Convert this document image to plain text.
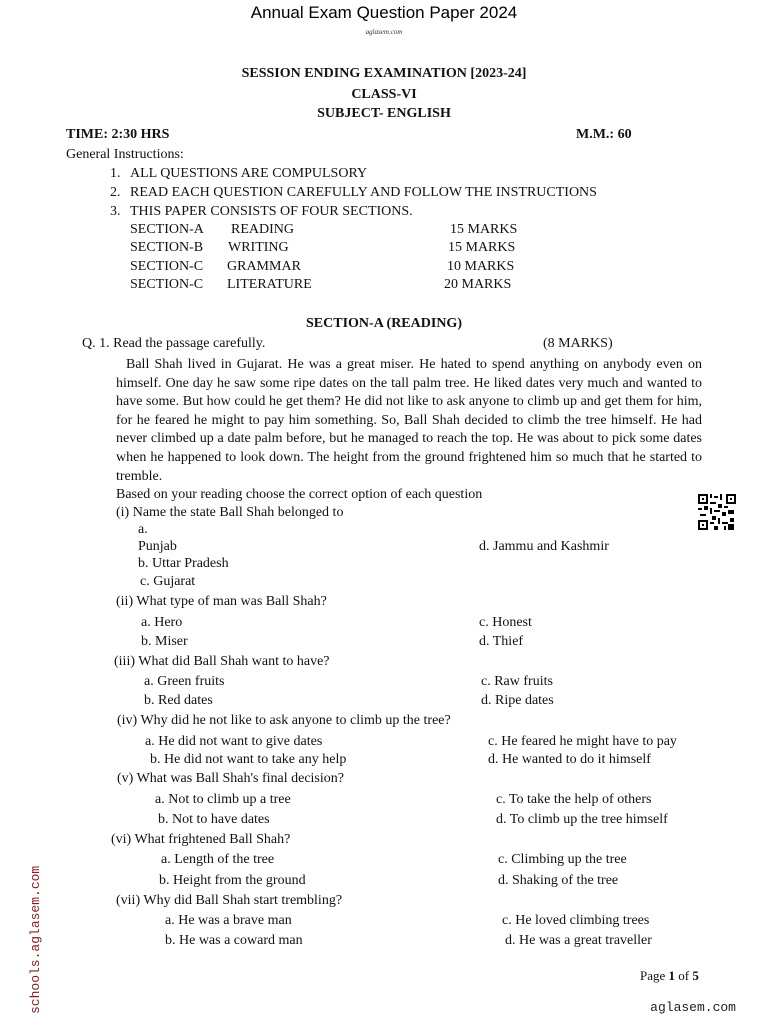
Annual Exam Question Paper 2024
aglasem.com
SESSION ENDING EXAMINATION [2023-24]
CLASS-VI
SUBJECT- ENGLISH
TIME: 2:30 HRS	M.M.: 60
General Instructions:
1. ALL QUESTIONS ARE COMPULSORY
2. READ EACH QUESTION CAREFULLY AND FOLLOW THE INSTRUCTIONS
3. THIS PAPER CONSISTS OF FOUR SECTIONS.
SECTION-A READING	15 MARKS
SECTION-B WRITING	15 MARKS
SECTION-C GRAMMAR	10 MARKS
SECTION-C LITERATURE	20 MARKS
SECTION-A (READING)
Q. 1. Read the passage carefully.	(8 MARKS)
Ball Shah lived in Gujarat. He was a great miser. He hated to spend anything on anybody even on himself. One day he saw some ripe dates on the tall palm tree. He liked dates very much and wanted to have some. But how could he get them? He did not like to ask anyone to climb up and get them for him, for he feared he might to pay him something. So, Ball Shah decided to climb the tree himself. He had never climbed up a date palm before, but he managed to reach the top. He was about to pick some dates when he happened to look down. The height from the ground frightened him so much that he started to tremble.
Based on your reading choose the correct option of each question
(i) Name the state Ball Shah belonged to
a.
Punjab	d. Jammu and Kashmir
b. Uttar Pradesh
c. Gujarat
(ii) What type of man was Ball Shah?
a. Hero	c. Honest
b. Miser	d. Thief
(iii) What did Ball Shah want to have?
a. Green fruits	c. Raw fruits
b. Red dates	d. Ripe dates
(iv) Why did he not like to ask anyone to climb up the tree?
a. He did not want to give dates	c. He feared he might have to pay
b. He did not want to take any help	d. He wanted to do it himself
(v) What was Ball Shah's final decision?
a. Not to climb up a tree	c. To take the help of others
b. Not to have dates	d. To climb up the tree himself
(vi) What frightened Ball Shah?
a. Length of the tree	c. Climbing up the tree
b. Height from the ground	d. Shaking of the tree
(vii) Why did Ball Shah start trembling?
a. He was a brave man	c. He loved climbing trees
b. He was a coward man	d. He was a great traveller
Page 1 of 5
aglasem.com
schools.aglasem.com
